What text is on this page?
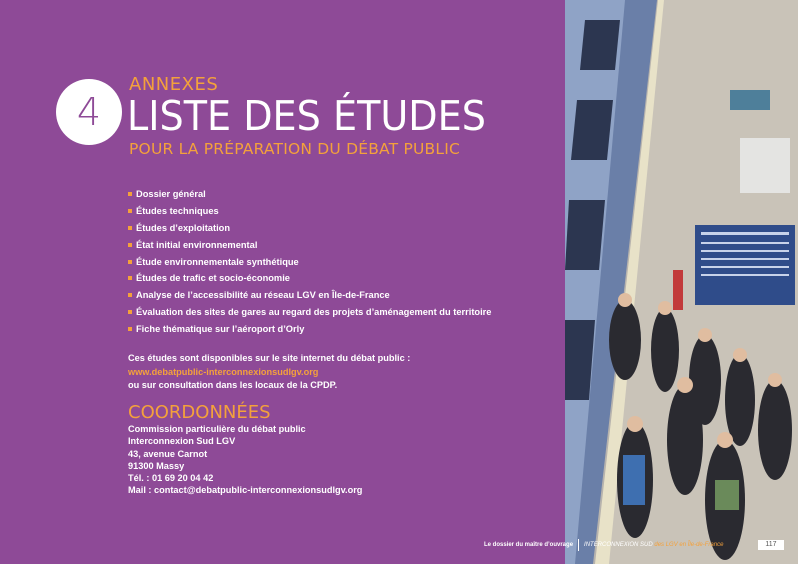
4
ANNEXES
LISTE DES ÉTUDES
POUR LA PRÉPARATION DU DÉBAT PUBLIC
Dossier général
Études techniques
Études d’exploitation
État initial environnemental
Étude environnementale synthétique
Études de trafic et socio-économie
Analyse de l’accessibilité au réseau LGV en Île-de-France
Évaluation des sites de gares au regard des projets d’aménagement du territoire
Fiche thématique sur l’aéroport d’Orly
Ces études sont disponibles sur le site internet du débat public :
www.debatpublic-interconnexionsudlgv.org
ou sur consultation dans les locaux de la CPDP.
COORDONNÉES
Commission particulière du débat public
Interconnexion Sud LGV
43, avenue Carnot
91300 Massy
Tél. : 01 69 20 04 42
Mail : contact@debatpublic-interconnexionsudlgv.org
Le dossier du maître d’ouvrage INTERCONNEXION SUD des LGV en Île-de-France	117
